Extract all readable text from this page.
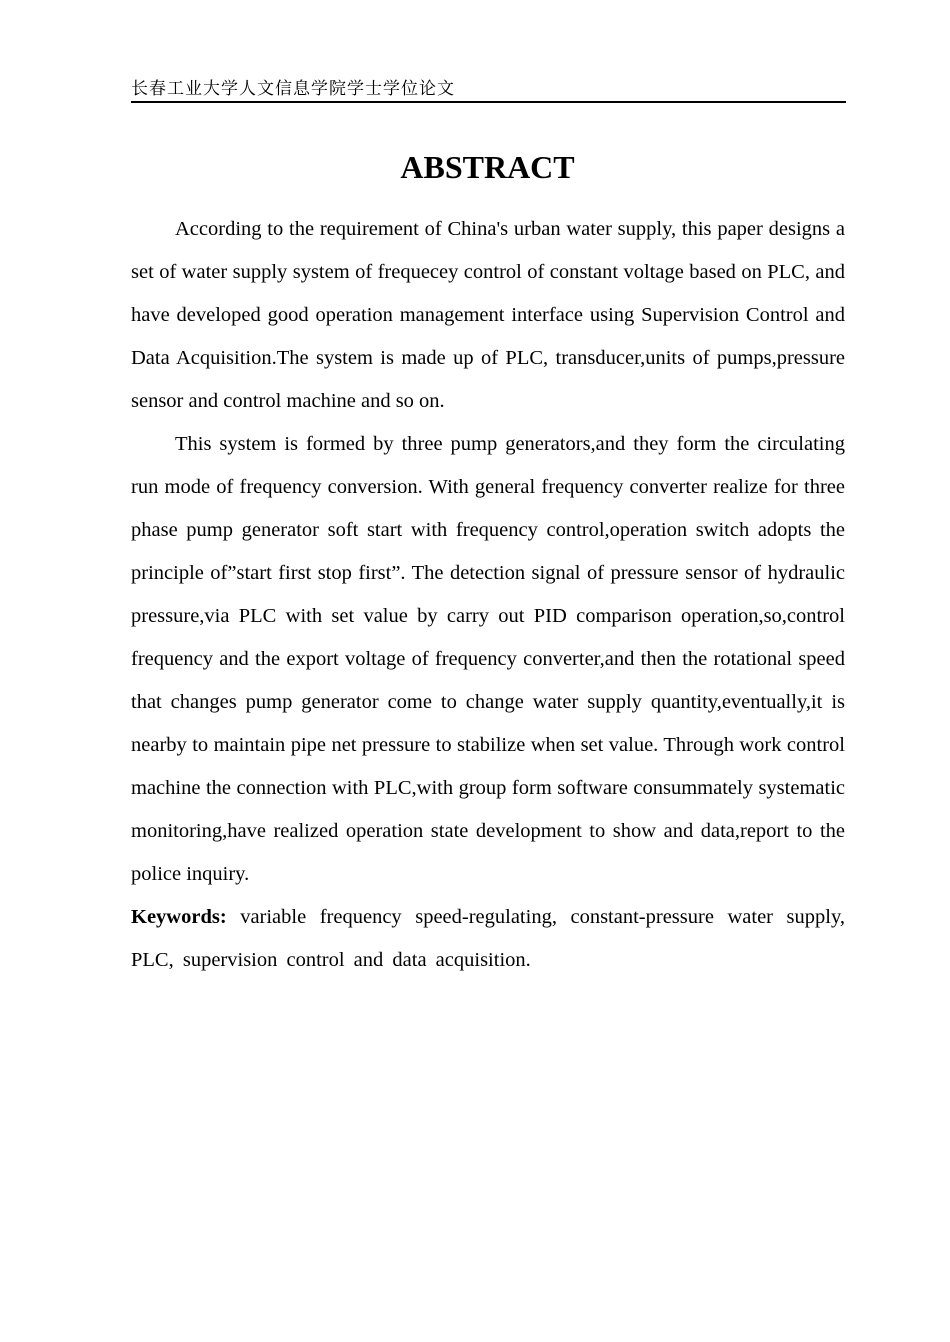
长春工业大学人文信息学院学士学位论文
ABSTRACT

According to the requirement of China's urban water supply, this paper designs a set of water supply system of frequecey control of constant voltage based on PLC, and have developed good operation management interface using Supervision Control and Data Acquisition.The system is made up of PLC, transducer,units of pumps,pressure sensor and control machine and so on.

This system is formed by three pump generators,and they form the circulating run mode of frequency conversion. With general frequency converter realize for three phase pump generator soft start with frequency control,operation switch adopts the principle of”start first stop first”. The detection signal of pressure sensor of hydraulic pressure,via PLC with set value by carry out PID comparison operation,so,control frequency and the export voltage of frequency converter,and then the rotational speed that changes pump generator come to change water supply quantity,eventually,it is nearby to maintain pipe net pressure to stabilize when set value. Through work control machine the connection with PLC,with group form software consummately systematic monitoring,have realized operation state development to show and data,report to the police inquiry.

Keywords: variable frequency speed-regulating, constant-pressure water supply, PLC, supervision control and data acquisition.
